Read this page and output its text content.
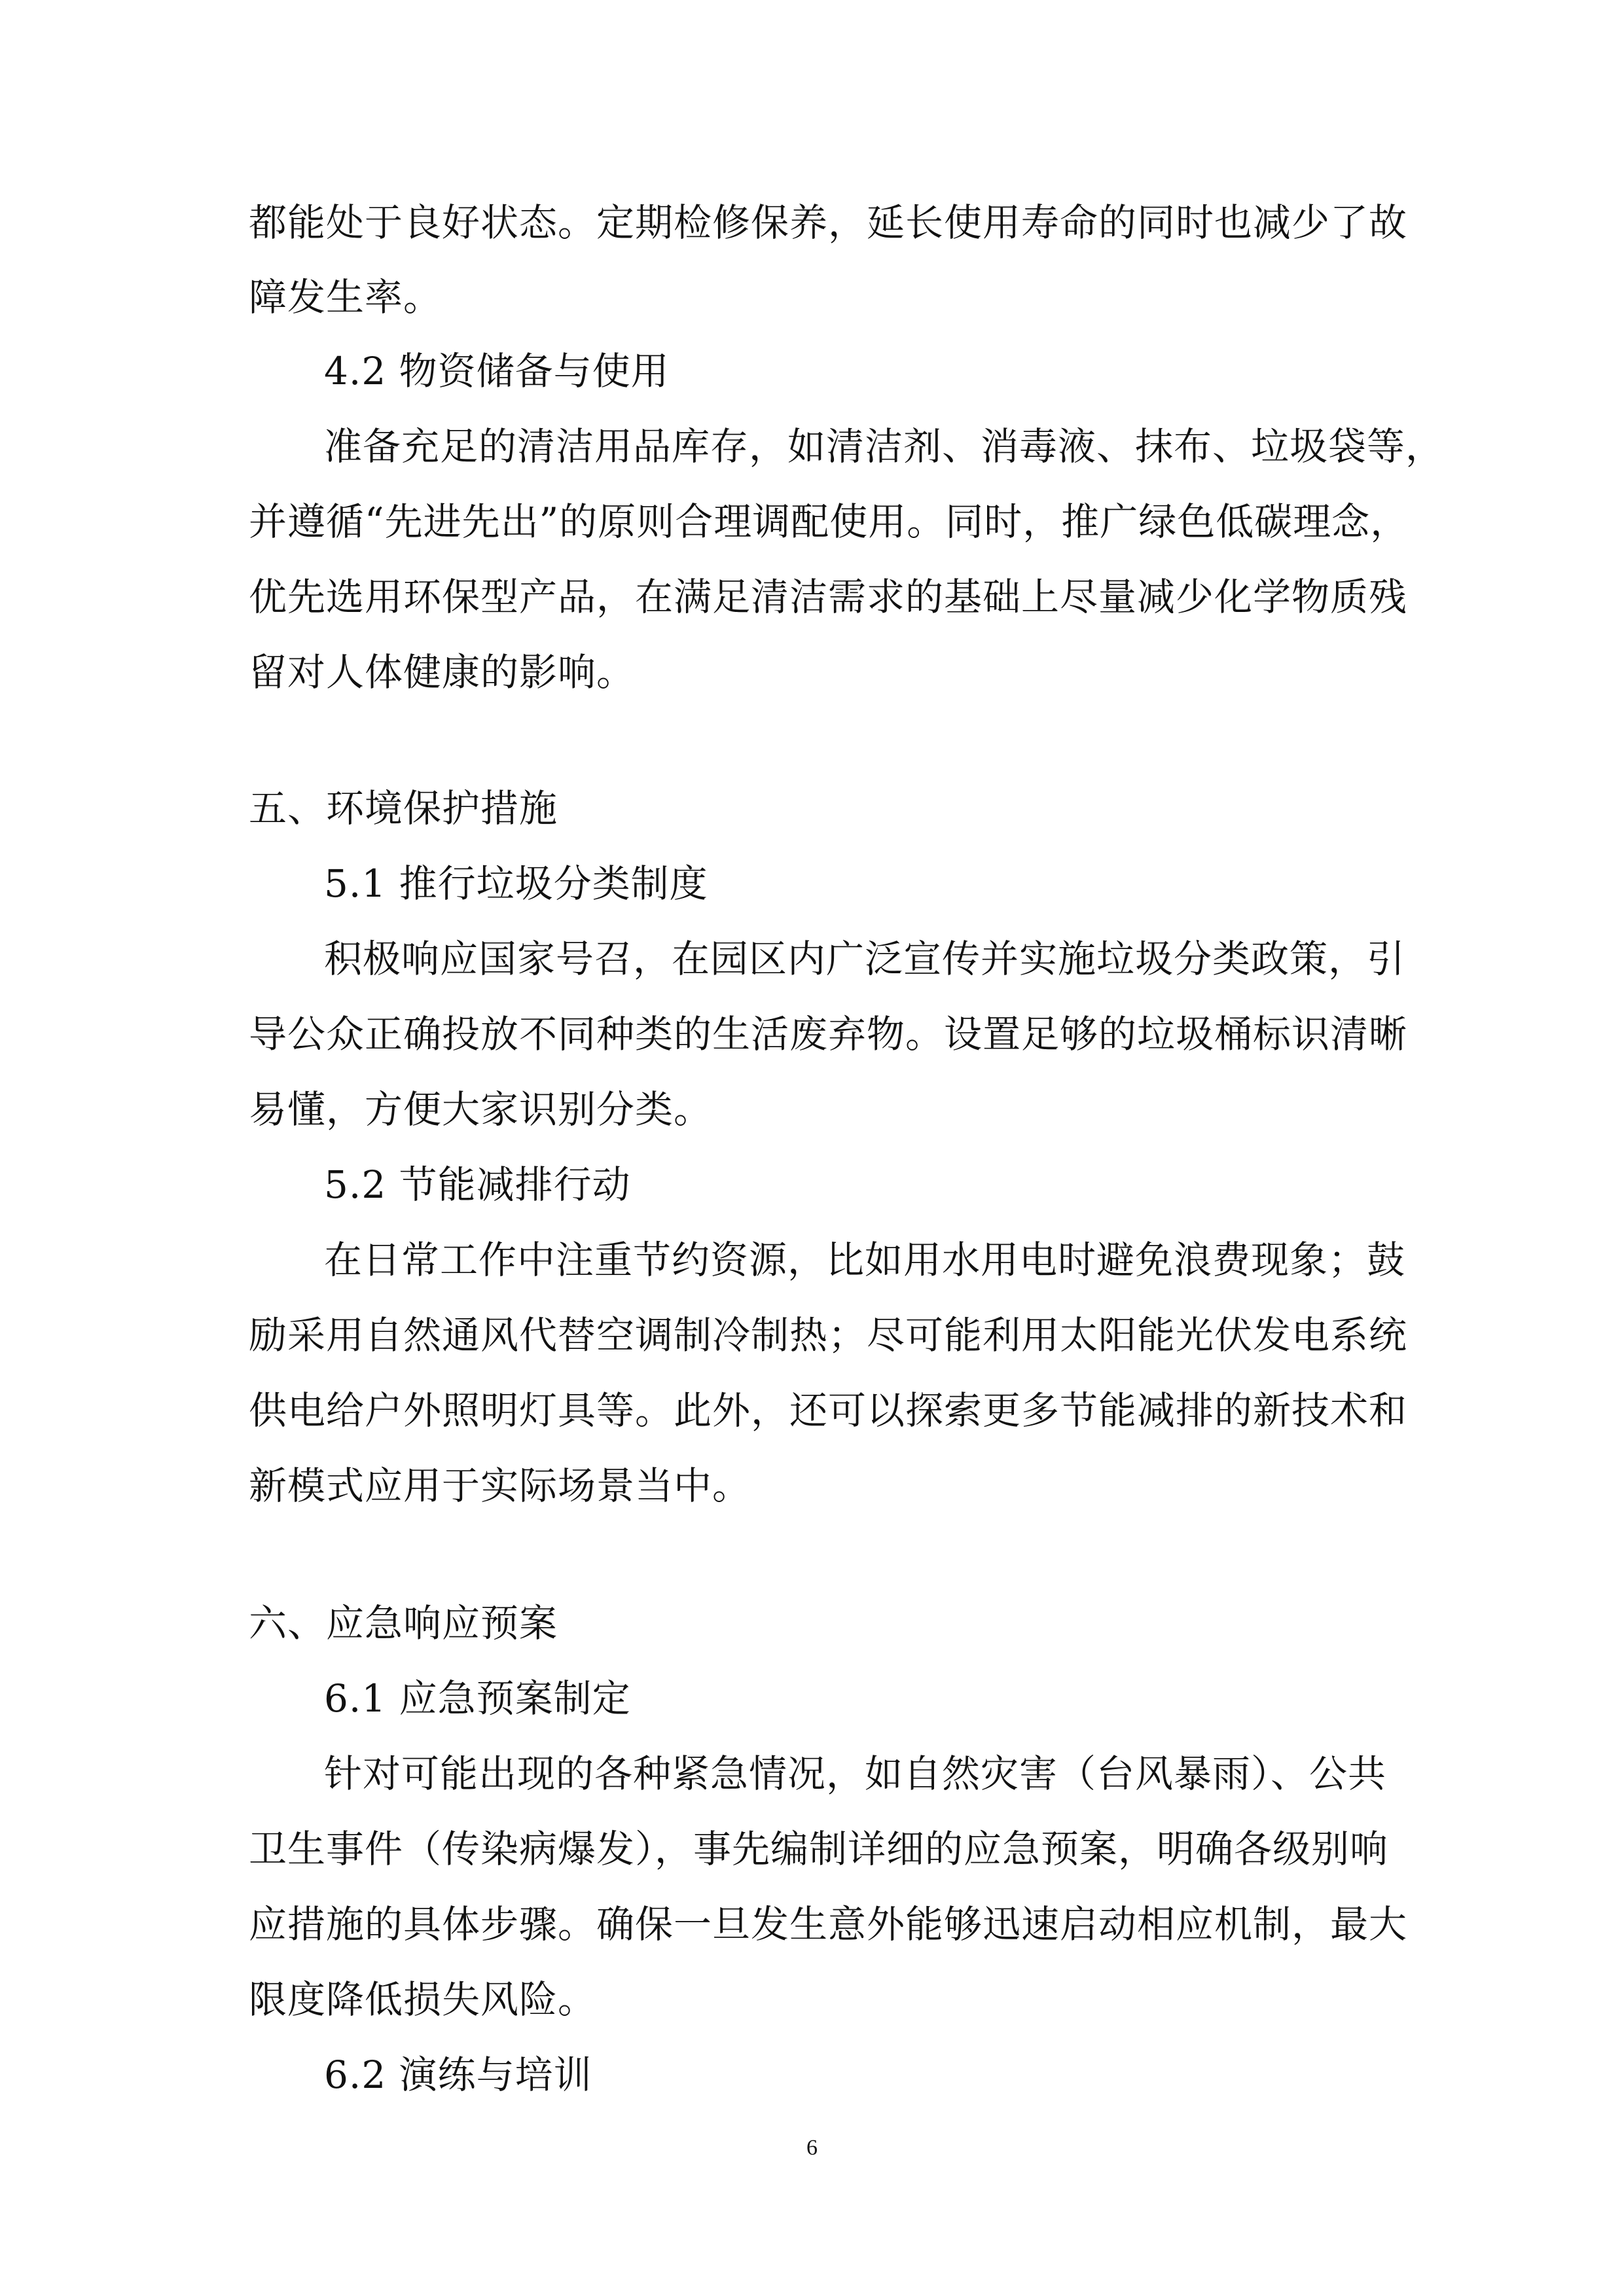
都能处于良好状态。定期检修保养，延长使用寿命的同时也减少了故
障发生率。
4.2 物资储备与使用
准备充足的清洁用品库存，如清洁剂、消毒液、抹布、垃圾袋等，
并遵循“先进先出”的原则合理调配使用。同时，推广绿色低碳理念，
优先选用环保型产品，在满足清洁需求的基础上尽量减少化学物质残
留对人体健康的影响。
五、环境保护措施
5.1 推行垃圾分类制度
积极响应国家号召，在园区内广泛宣传并实施垃圾分类政策，引
导公众正确投放不同种类的生活废弃物。设置足够的垃圾桶标识清晰
易懂，方便大家识别分类。
5.2 节能减排行动
在日常工作中注重节约资源，比如用水用电时避免浪费现象；鼓
励采用自然通风代替空调制冷制热；尽可能利用太阳能光伏发电系统
供电给户外照明灯具等。此外，还可以探索更多节能减排的新技术和
新模式应用于实际场景当中。
六、应急响应预案
6.1 应急预案制定
针对可能出现的各种紧急情况，如自然灾害（台风暴雨）、公共
卫生事件（传染病爆发），事先编制详细的应急预案，明确各级别响
应措施的具体步骤。确保一旦发生意外能够迅速启动相应机制，最大
限度降低损失风险。
6.2 演练与培训
6
